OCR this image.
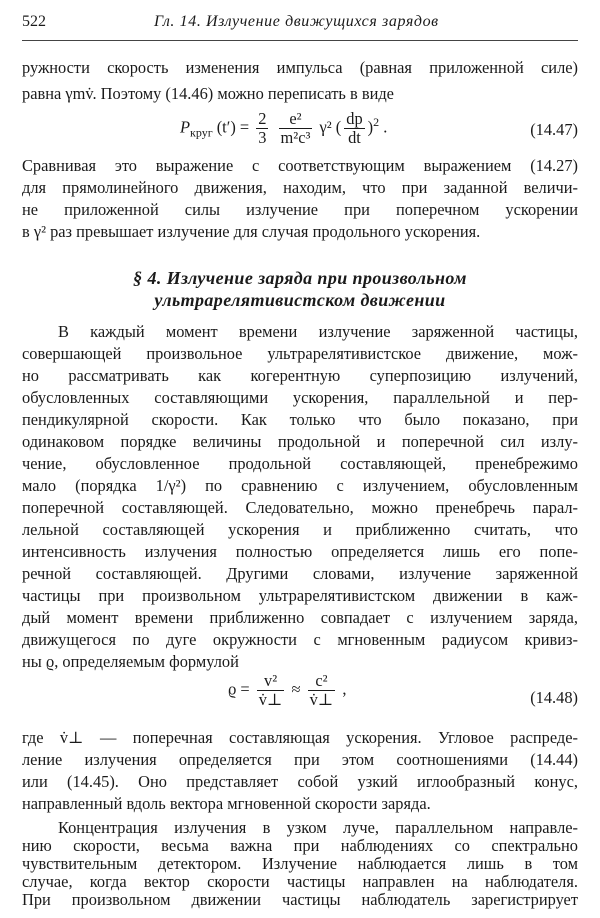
522	Гл. 14. Излучение движущихся зарядов
ружности скорость изменения импульса (равная приложенной силе)
равна γmv̇. Поэтому (14.46) можно переписать в виде
$P_{круг}$ $(t') = \frac{2}{3}$
$\frac{\text{e²}}{\text{m²c³}} \gamma^2$ ( $\frac{dp}{dt} )^2$ .	(14.47)
Сравнивая это выражение с соответствующим выражением (14.27)
для прямолинейного движения, находим, что при заданной величи-
не приложенной силы излучение при поперечном ускорении
в γ² раз превышает излучение для случая продольного ускорения.
§ 4. Излучение заряда при произвольном
ультрарелятивистском движении
В каждый момент времени излучение заряженной частицы,
совершающей произвольное ультрарелятивистское движение, мож-
но рассматривать как когерентную суперпозицию излучений,
обусловленных составляющими ускорения, параллельной и пер-
пендикулярной скорости. Как только что было показано, при
одинаковом порядке величины продольной и поперечной сил излу-
чение, обусловленное продольной составляющей, пренебрежимо
мало (порядка 1/γ²) по сравнению с излучением, обусловленным
поперечной составляющей. Следовательно, можно пренебречь парал-
лельной составляющей ускорения и приближенно считать, что
интенсивность излучения полностью определяется лишь его попе-
речной составляющей. Другими словами, излучение заряженной
частицы при произвольном ультрарелятивистском движении в каж-
дый момент времени приближенно совпадает с излучением заряда,
движущегося по дуге окружности с мгновенным радиусом кривиз-
ны ϱ, определяемым формулой
$ϱ = \frac{\text{v²}}{v̇\perp} \approx \frac{\text{c²}}{v̇\perp}$ ,	(14.48)
где v̇⊥ — поперечная составляющая ускорения. Угловое распреде-
ление излучения определяется при этом соотношениями (14.44)
или (14.45). Оно представляет собой узкий иглообразный конус,
направленный вдоль вектора мгновенной скорости заряда.
Концентрация излучения в узком луче, параллельном направле-
нию скорости, весьма важна при наблюдениях со спектрально
чувствительным детектором. Излучение наблюдается лишь в том
случае, когда вектор скорости частицы направлен на наблюдателя.
При произвольном движении частицы наблюдатель зарегистрирует
